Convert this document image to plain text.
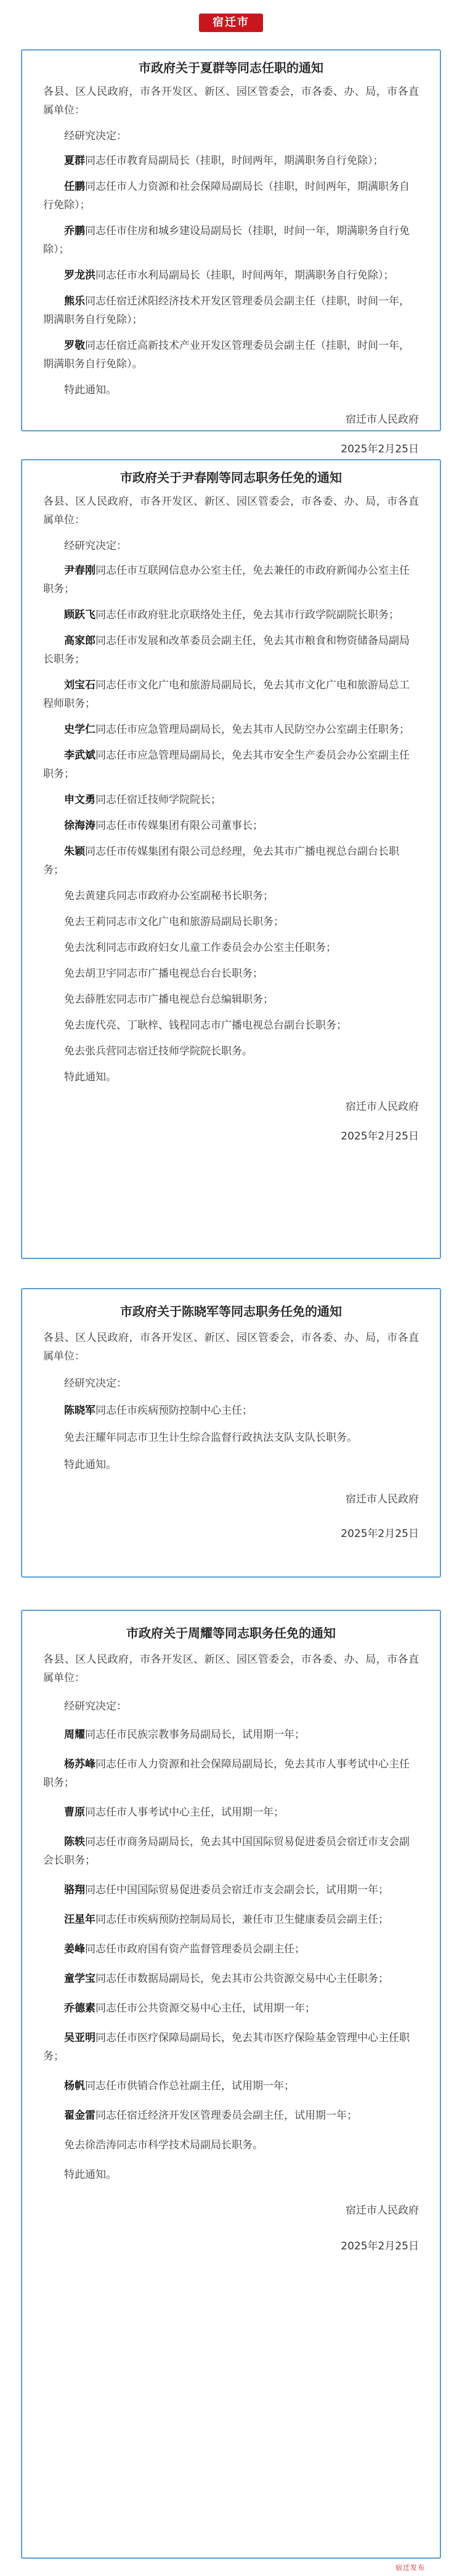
宿迁市

市政府关于夏群等同志任职的通知

各县、区人民政府，市各开发区、新区、园区管委会，市各委、办、局，市各直属单位：

经研究决定：

夏群同志任市教育局副局长（挂职，时间两年，期满职务自行免除）；

任鹏同志任市人力资源和社会保障局副局长（挂职，时间两年，期满职务自行免除）；

乔鹏同志任市住房和城乡建设局副局长（挂职，时间一年，期满职务自行免除）；

罗龙洪同志任市水利局副局长（挂职，时间两年，期满职务自行免除）；

熊乐同志任宿迁沭阳经济技术开发区管理委员会副主任（挂职，时间一年，期满职务自行免除）；

罗敬同志任宿迁高新技术产业开发区管理委员会副主任（挂职，时间一年，期满职务自行免除）。

特此通知。

宿迁市人民政府

2025年2月25日

市政府关于尹春刚等同志职务任免的通知

各县、区人民政府，市各开发区、新区、园区管委会，市各委、办、局，市各直属单位：

经研究决定：

尹春刚同志任市互联网信息办公室主任，免去兼任的市政府新闻办公室主任职务；

顾跃飞同志任市政府驻北京联络处主任，免去其市行政学院副院长职务；

高家郎同志任市发展和改革委员会副主任，免去其市粮食和物资储备局副局长职务；

刘宝石同志任市文化广电和旅游局副局长，免去其市文化广电和旅游局总工程师职务；

史学仁同志任市应急管理局副局长，免去其市人民防空办公室副主任职务；

李武斌同志任市应急管理局副局长，免去其市安全生产委员会办公室副主任职务；

申文勇同志任宿迁技师学院院长；

徐海涛同志任市传媒集团有限公司董事长；

朱颖同志任市传媒集团有限公司总经理，免去其市广播电视总台副台长职务；

免去黄建兵同志市政府办公室副秘书长职务；

免去王莉同志市文化广电和旅游局副局长职务；

免去沈利同志市政府妇女儿童工作委员会办公室主任职务；

免去胡卫宇同志市广播电视总台台长职务；

免去薛胜宏同志市广播电视总台总编辑职务；

免去庞代亮、丁耿梓、钱程同志市广播电视总台副台长职务；

免去张兵营同志宿迁技师学院院长职务。

特此通知。

宿迁市人民政府

2025年2月25日

市政府关于陈晓军等同志职务任免的通知

各县、区人民政府，市各开发区、新区、园区管委会，市各委、办、局，市各直属单位：

经研究决定：

陈晓军同志任市疾病预防控制中心主任；

免去汪耀年同志市卫生计生综合监督行政执法支队支队长职务。

特此通知。

宿迁市人民政府

2025年2月25日

市政府关于周耀等同志职务任免的通知

各县、区人民政府，市各开发区、新区、园区管委会，市各委、办、局，市各直属单位：

经研究决定：

周耀同志任市民族宗教事务局副局长，试用期一年；

杨苏峰同志任市人力资源和社会保障局副局长，免去其市人事考试中心主任职务；

曹原同志任市人事考试中心主任，试用期一年；

陈轶同志任市商务局副局长，免去其中国国际贸易促进委员会宿迁市支会副会长职务；

骆翔同志任中国国际贸易促进委员会宿迁市支会副会长，试用期一年；

汪星年同志任市疾病预防控制局局长，兼任市卫生健康委员会副主任；

姜峰同志任市政府国有资产监督管理委员会副主任；

童学宝同志任市数据局副局长，免去其市公共资源交易中心主任职务；

乔德素同志任市公共资源交易中心主任，试用期一年；

吴亚明同志任市医疗保障局副局长，免去其市医疗保险基金管理中心主任职务；

杨帆同志任市供销合作总社副主任，试用期一年；

翟金雷同志任宿迁经济开发区管理委员会副主任，试用期一年；

免去徐浩涛同志市科学技术局副局长职务。

特此通知。

宿迁市人民政府

2025年2月25日

宿迁发布
